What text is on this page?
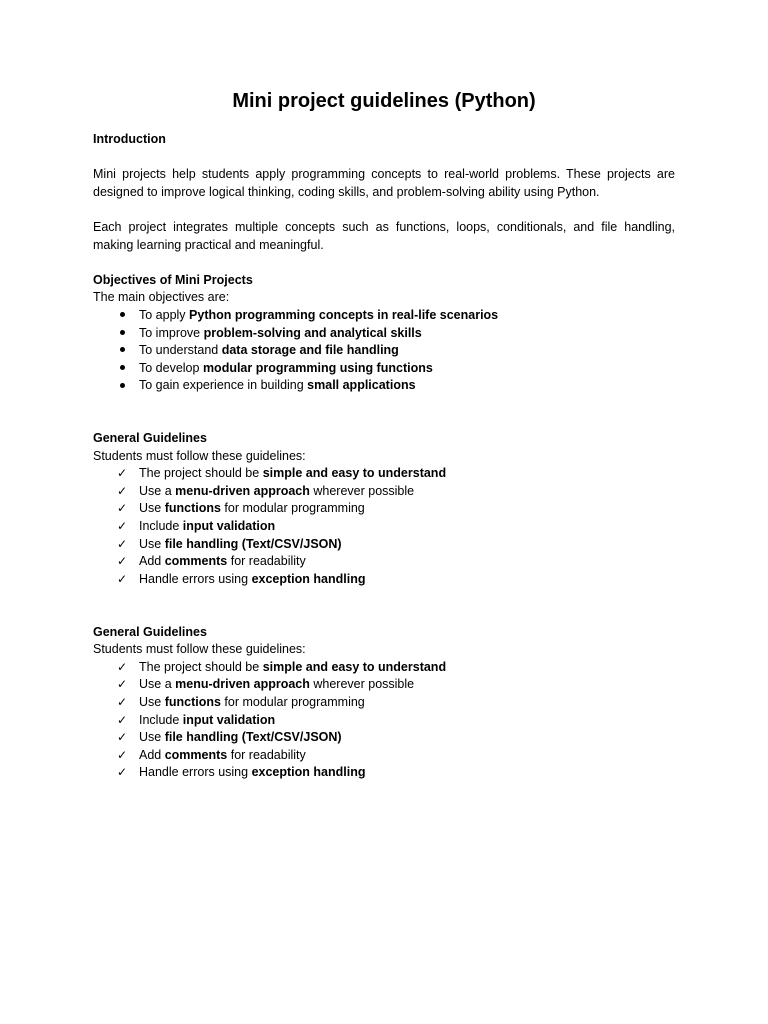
Mini project guidelines (Python)
Introduction

Mini projects help students apply programming concepts to real-world problems. These projects are designed to improve logical thinking, coding skills, and problem-solving ability using Python.

Each project integrates multiple concepts such as functions, loops, conditionals, and file handling, making learning practical and meaningful.

Objectives of Mini Projects
The main objectives are:
To apply Python programming concepts in real-life scenarios
To improve problem-solving and analytical skills
To understand data storage and file handling
To develop modular programming using functions
To gain experience in building small applications
General Guidelines
Students must follow these guidelines:
✓ The project should be simple and easy to understand
✓ Use a menu-driven approach wherever possible
✓ Use functions for modular programming
✓ Include input validation
✓ Use file handling (Text/CSV/JSON)
✓ Add comments for readability
✓ Handle errors using exception handling
General Guidelines
Students must follow these guidelines:
✓ The project should be simple and easy to understand
✓ Use a menu-driven approach wherever possible
✓ Use functions for modular programming
✓ Include input validation
✓ Use file handling (Text/CSV/JSON)
✓ Add comments for readability
✓ Handle errors using exception handling
